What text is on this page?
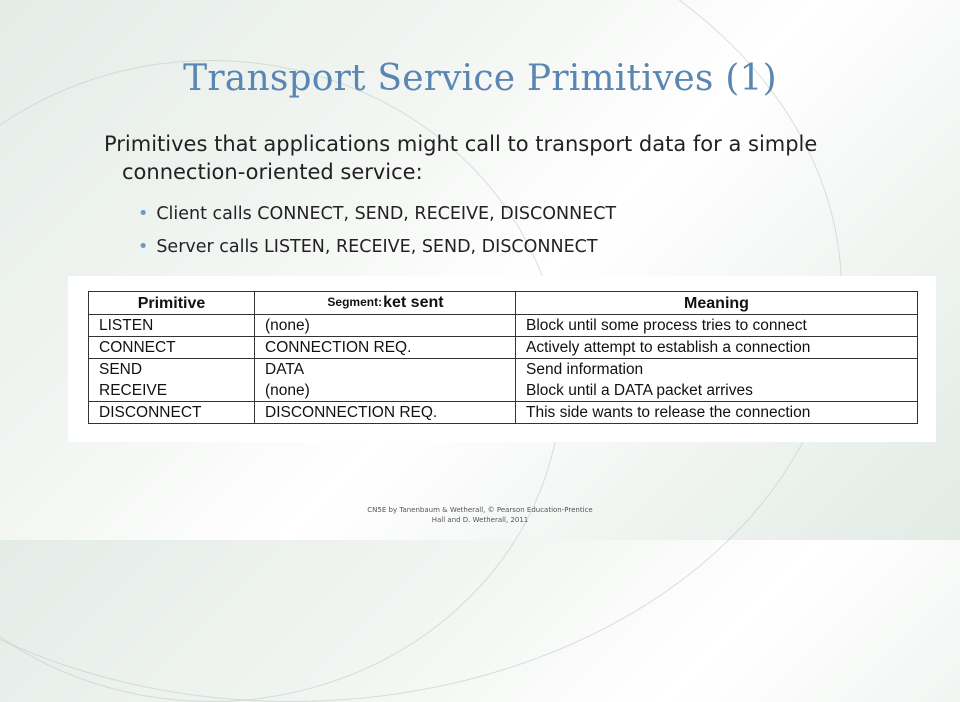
Transport Service Primitives (1)
Primitives that applications might call to transport data for a simple
connection-oriented service:
• Client calls CONNECT, SEND, RECEIVE, DISCONNECT
• Server calls LISTEN, RECEIVE, SEND, DISCONNECT
Primitive	Segment:ket sent	Meaning
LISTEN	(none)	Block until some process tries to connect
CONNECT	CONNECTION REQ.	Actively attempt to establish a connection
SEND	DATA	Send information
RECEIVE	(none)	Block until a DATA packet arrives
DISCONNECT	DISCONNECTION REQ.	This side wants to release the connection
CN5E by Tanenbaum & Wetherall, © Pearson Education-Prentice
Hall and D. Wetherall, 2011
